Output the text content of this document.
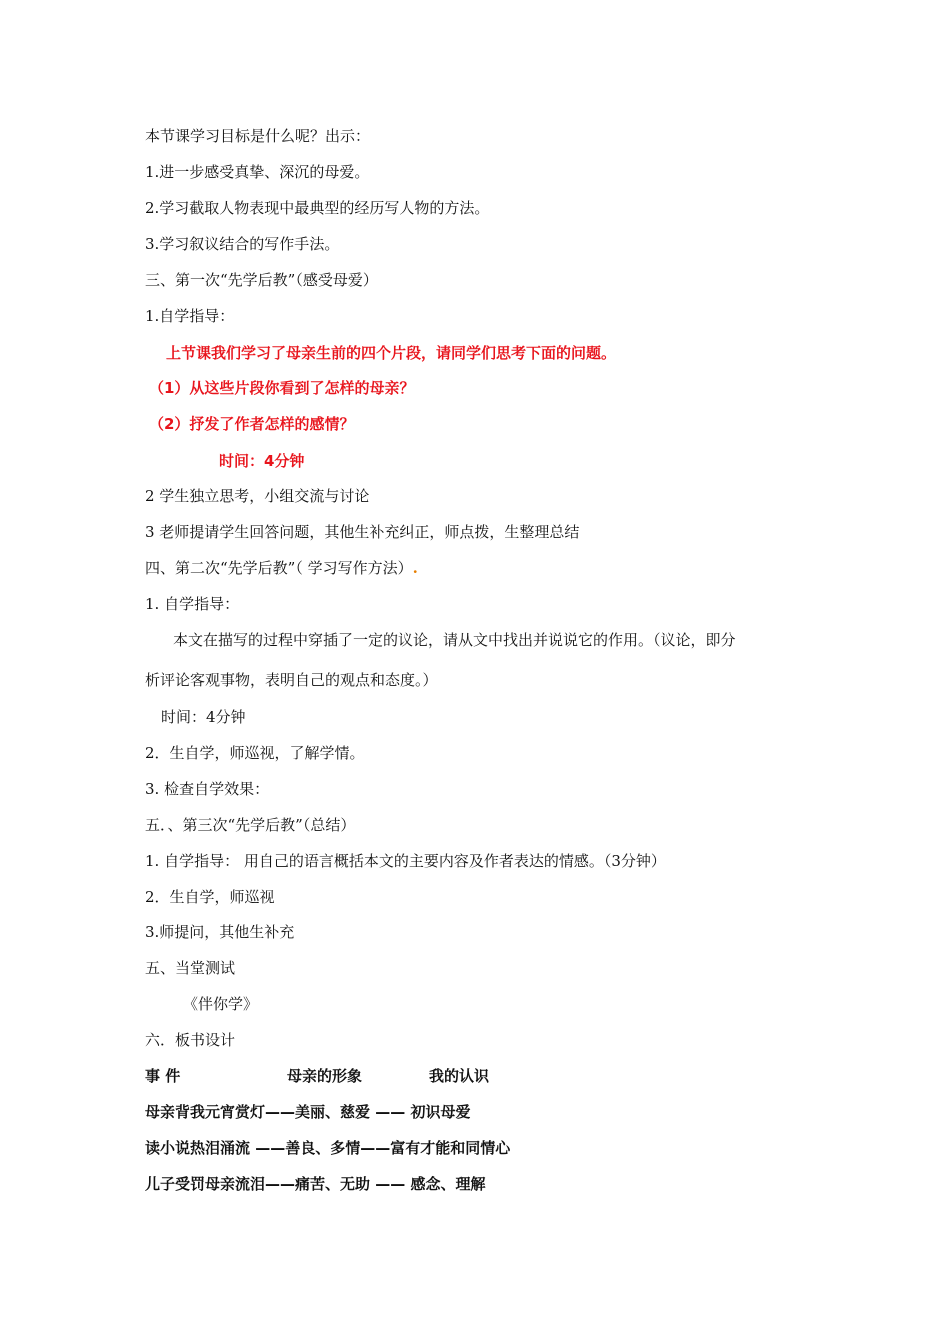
本节课学习目标是什么呢？出示：
1.进一步感受真挚、深沉的母爱。
2.学习截取人物表现中最典型的经历写人物的方法。
3.学习叙议结合的写作手法。
三、第一次“先学后教”（感受母爱）
1.自学指导：
上节课我们学习了母亲生前的四个片段，请同学们思考下面的问题。
（1）从这些片段你看到了怎样的母亲？
（2）抒发了作者怎样的感情？
时间：4分钟
2 学生独立思考，小组交流与讨论
3 老师提请学生回答问题，其他生补充纠正，师点拨，生整理总结
四、第二次“先学后教”（ 学习写作方法）.
1. 自学指导：
本文在描写的过程中穿插了一定的议论，请从文中找出并说说它的作用。（议论，即分
析评论客观事物，表明自己的观点和态度。）
时间：4分钟
2．生自学，师巡视，了解学情。
3. 检查自学效果：
五．、第三次“先学后教”（总结）
1. 自学指导： 用自己的语言概括本文的主要内容及作者表达的情感。（3分钟）
2．生自学，师巡视
3.师提问，其他生补充
五、当堂测试
《伴你学》
六．板书设计
事 件	母亲的形象	我的认识
母亲背我元宵赏灯——美丽、慈爱 —— 初识母爱
读小说热泪涌流 ——善良、多情——富有才能和同情心
儿子受罚母亲流泪——痛苦、无助 —— 感念、理解
